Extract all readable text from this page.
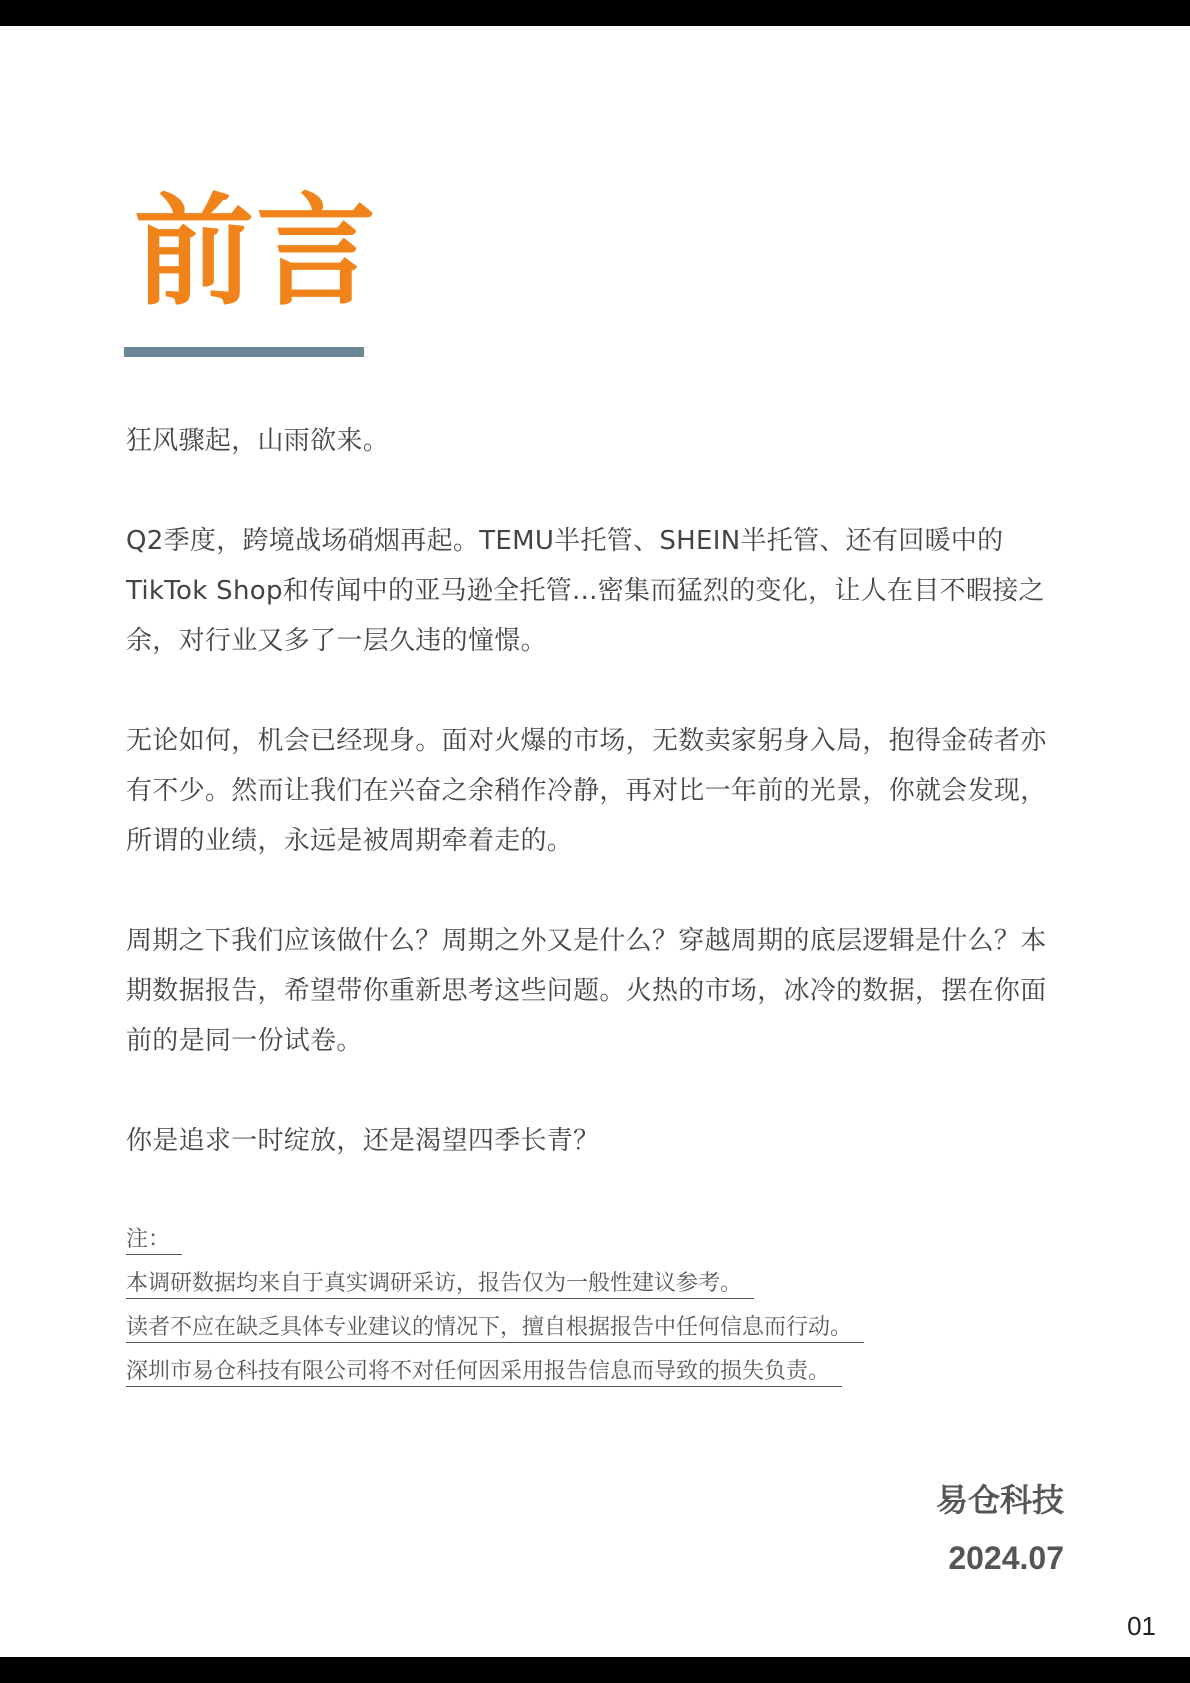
前言

狂风骤起，山雨欲来。

Q2季度，跨境战场硝烟再起。TEMU半托管、SHEIN半托管、还有回暖中的TikTok Shop和传闻中的亚马逊全托管...密集而猛烈的变化，让人在目不暇接之余，对行业又多了一层久违的憧憬。

无论如何，机会已经现身。面对火爆的市场，无数卖家躬身入局，抱得金砖者亦有不少。然而让我们在兴奋之余稍作冷静，再对比一年前的光景，你就会发现，所谓的业绩，永远是被周期牵着走的。

周期之下我们应该做什么？周期之外又是什么？穿越周期的底层逻辑是什么？本期数据报告，希望带你重新思考这些问题。火热的市场，冰冷的数据，摆在你面前的是同一份试卷。

你是追求一时绽放，还是渴望四季长青？

注：
本调研数据均来自于真实调研采访，报告仅为一般性建议参考。
读者不应在缺乏具体专业建议的情况下，擅自根据报告中任何信息而行动。
深圳市易仓科技有限公司将不对任何因采用报告信息而导致的损失负责。
易仓科技
2024.07
01
